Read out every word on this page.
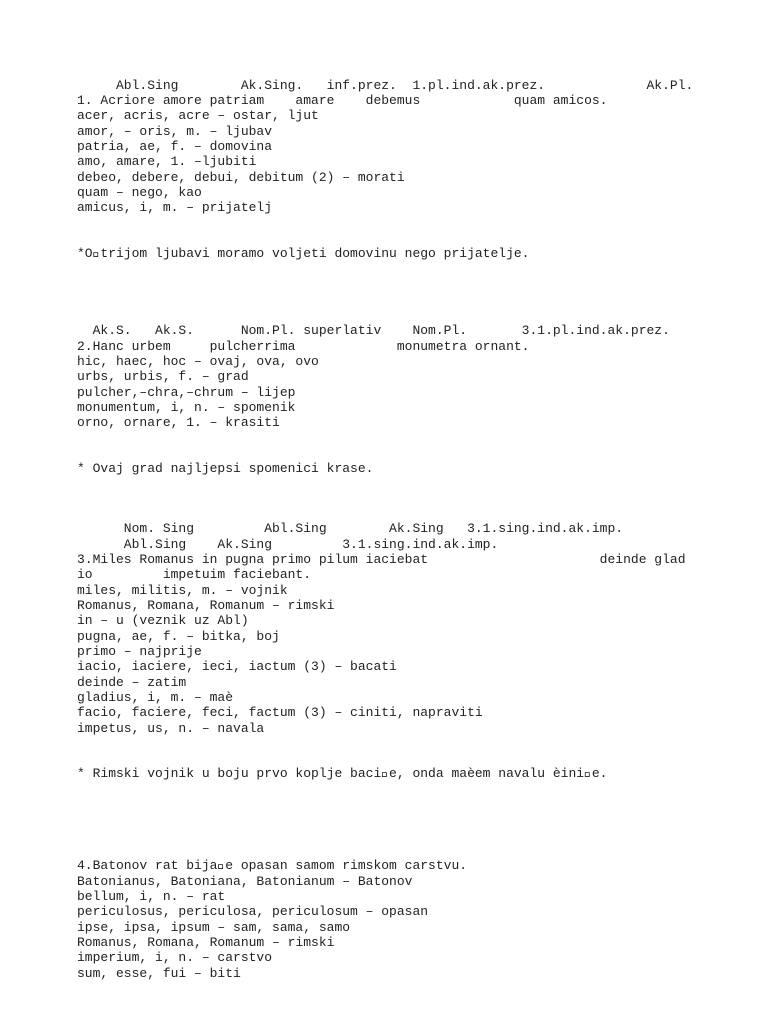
Abl.Sing        Ak.Sing.   inf.prez.  1.pl.ind.ak.prez.             Ak.Pl.
1. Acriore amore patriam    amare    debemus            quam amicos.
acer, acris, acre – ostar, ljut
amor, – oris, m. – ljubav
patria, ae, f. – domovina
amo, amare, 1. –ljubiti
debeo, debere, debui, debitum (2) – morati
quam – nego, kao
amicus, i, m. – prijatelj
*O trijom ljubavi moramo voljeti domovinu nego prijatelje.
Ak.S.   Ak.S.      Nom.Pl. superlativ    Nom.Pl.       3.1.pl.ind.ak.prez.
2.Hanc urbem     pulcherrima             monumetra ornant.
hic, haec, hoc – ovaj, ova, ovo
urbs, urbis, f. – grad
pulcher,–chra,–chrum – lijep
monumentum, i, n. – spomenik
orno, ornare, 1. – krasiti
* Ovaj grad najljepsi spomenici krase.
Nom. Sing         Abl.Sing        Ak.Sing   3.1.sing.ind.ak.imp.
Abl.Sing    Ak.Sing         3.1.sing.ind.ak.imp.
3.Miles Romanus in pugna primo pilum iaciebat                      deinde glad
io         impetuim faciebant.
miles, militis, m. – vojnik
Romanus, Romana, Romanum – rimski
in – u (veznik uz Abl)
pugna, ae, f. – bitka, boj
primo – najprije
iacio, iaciere, ieci, iactum (3) – bacati
deinde – zatim
gladius, i, m. – maè
facio, faciere, feci, factum (3) – ciniti, napraviti
impetus, us, n. – navala
* Rimski vojnik u boju prvo koplje baci e, onda maèem navalu èini e.
4.Batonov rat bija e opasan samom rimskom carstvu.
Batonianus, Batoniana, Batonianum – Batonov
bellum, i, n. – rat
periculosus, periculosa, periculosum – opasan
ipse, ipsa, ipsum – sam, sama, samo
Romanus, Romana, Romanum – rimski
imperium, i, n. – carstvo
sum, esse, fui – biti
